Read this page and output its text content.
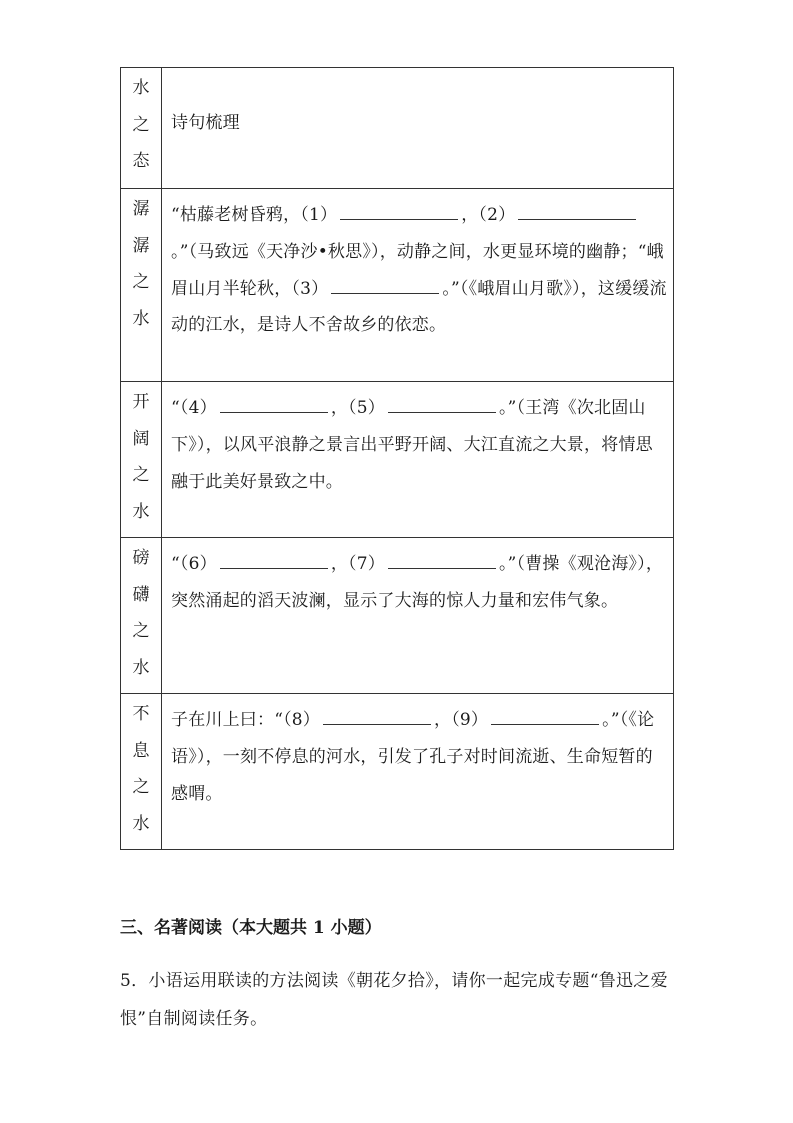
水
之
态	诗句梳理

潺
潺
之
水	“枯藤老树昏鸦，（1） ，（2）。”（马致远《天净沙•秋思》），动静之间，水更显环境的幽静；“峨眉山月半轮秋，（3） 。”（《峨眉山月歌》），这缓缓流动的江水，是诗人不舍故乡的依恋。

开
阔
之
水	“（4） ，（5） 。”（王湾《次北固山下》），以风平浪静之景言出平野开阔、大江直流之大景，将情思融于此美好景致之中。

磅
礴
之
水	“（6） ，（7） 。”（曹操《观沧海》），突然涌起的滔天波澜，显示了大海的惊人力量和宏伟气象。

不
息
之
水	子在川上曰：“（8） ，（9） 。”（《论语》），一刻不停息的河水，引发了孔子对时间流逝、生命短暂的感喟。
三、名著阅读（本大题共 1 小题）

5．小语运用联读的方法阅读《朝花夕拾》，请你一起完成专题“鲁迅之爱恨”自制阅读任务。
